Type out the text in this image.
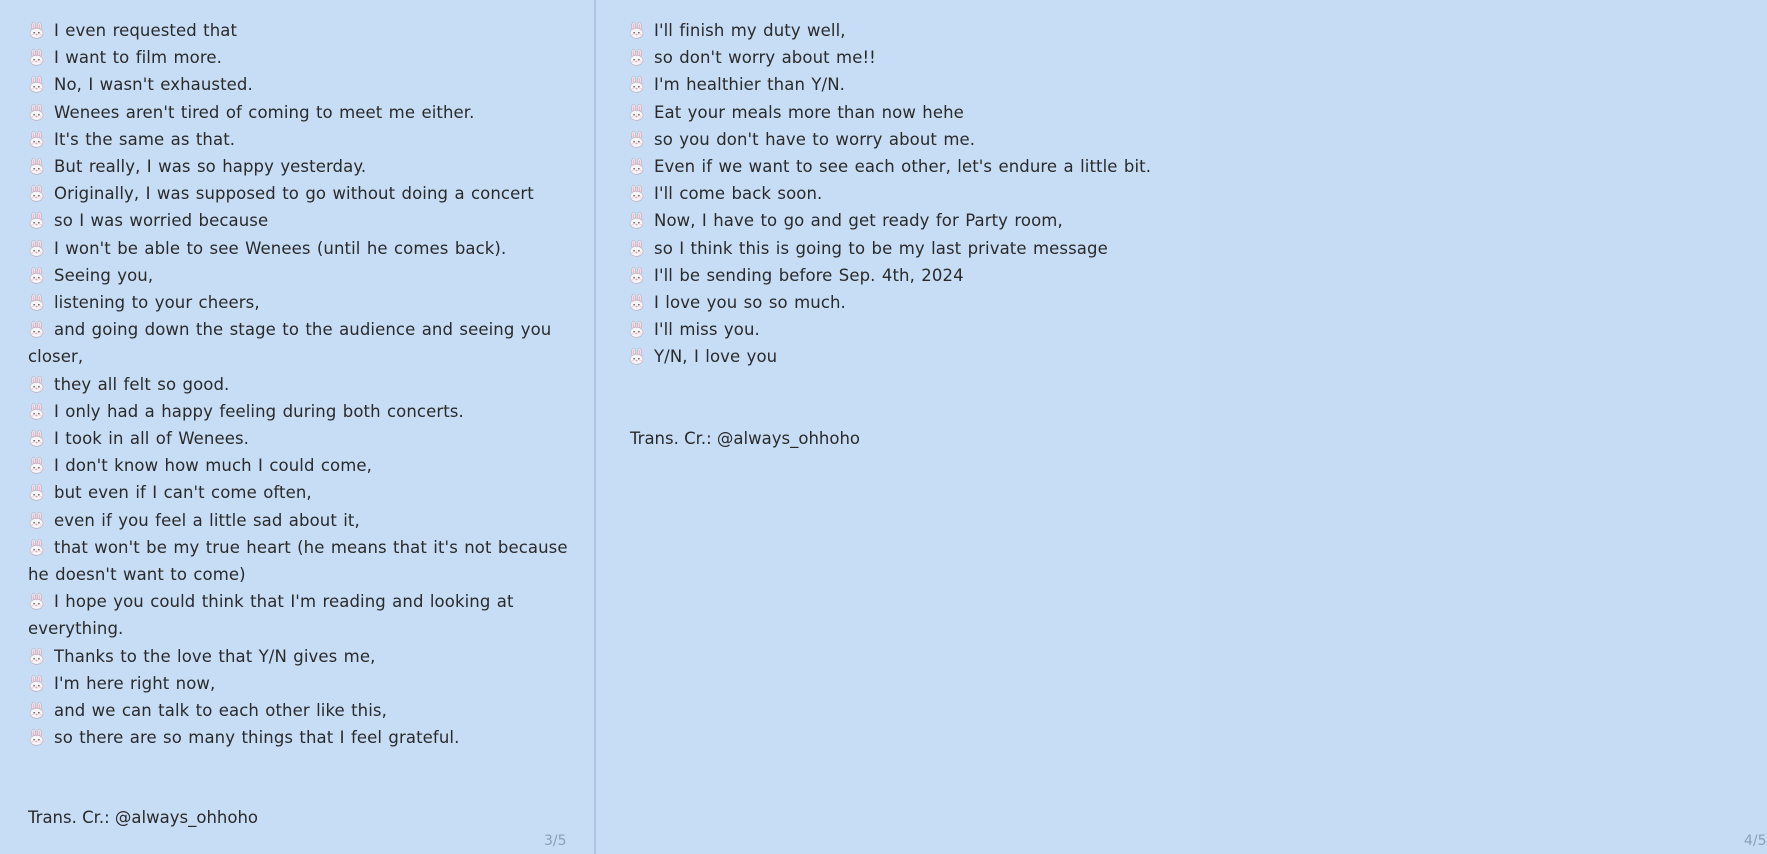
I even requested that
I want to film more.
No, I wasn't exhausted.
Wenees aren't tired of coming to meet me either.
It's the same as that.
But really, I was so happy yesterday.
Originally, I was supposed to go without doing a concert
so I was worried because
I won't be able to see Wenees (until he comes back).
Seeing you,
listening to your cheers,
and going down the stage to the audience and seeing you closer,
they all felt so good.
I only had a happy feeling during both concerts.
I took in all of Wenees.
I don't know how much I could come,
but even if I can't come often,
even if you feel a little sad about it,
that won't be my true heart (he means that it's not because he doesn't want to come)
I hope you could think that I'm reading and looking at everything.
Thanks to the love that Y/N gives me,
I'm here right now,
and we can talk to each other like this,
so there are so many things that I feel grateful.
Trans. Cr.: @always_ohhoho
3/5
I'll finish my duty well,
so don't worry about me!!
I'm healthier than Y/N.
Eat your meals more than now hehe
so you don't have to worry about me.
Even if we want to see each other, let's endure a little bit.
I'll come back soon.
Now, I have to go and get ready for Party room,
so I think this is going to be my last private message
I'll be sending before Sep. 4th, 2024
I love you so so much.
I'll miss you.
Y/N, I love you
Trans. Cr.: @always_ohhoho
4/5
